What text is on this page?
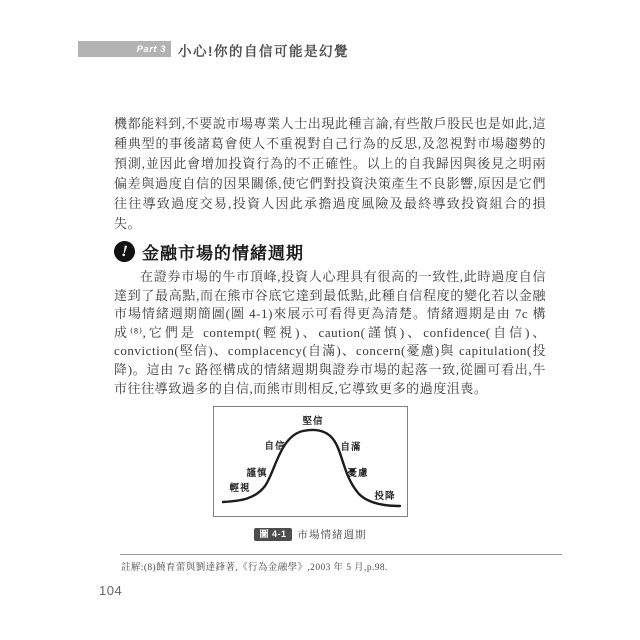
Part 3 小心!你的自信可能是幻覺
機都能料到,不要說市場專業人士出現此種言論,有些散戶股民也是如此,這種典型的事後諸葛會使人不重視對自己行為的反思,及忽視對市場趨勢的預測,並因此會增加投資行為的不正確性。以上的自我歸因與後見之明兩偏差與過度自信的因果關係,使它們對投資決策產生不良影響,原因是它們往往導致過度交易,投資人因此承擔過度風險及最終導致投資組合的損失。
! 金融市場的情緒週期
在證券市場的牛市頂峰,投資人心理具有很高的一致性,此時過度自信達到了最高點,而在熊市谷底它達到最低點,此種自信程度的變化若以金融市場情緒週期簡圖(圖 4-1)來展示可看得更為清楚。情緒週期是由 7c 構成⁽⁸⁾,它們是 contempt(輕視)、caution(謹慎)、confidence(自信)、conviction(堅信)、complacency(自滿)、concern(憂慮)與 capitulation(投降)。這由 7c 路徑構成的情緒週期與證券市場的起落一致,從圖可看出,牛市往往導致過多的自信,而熊市則相反,它導致更多的過度沮喪。
輕視
謹慎
自信
堅信
自滿
憂慮
投降
圖 4-1	市場情緒週期
註解:(8)饒育蕾與劉達鋒著,《行為金融學》,2003 年 5 月,p.98.
104
